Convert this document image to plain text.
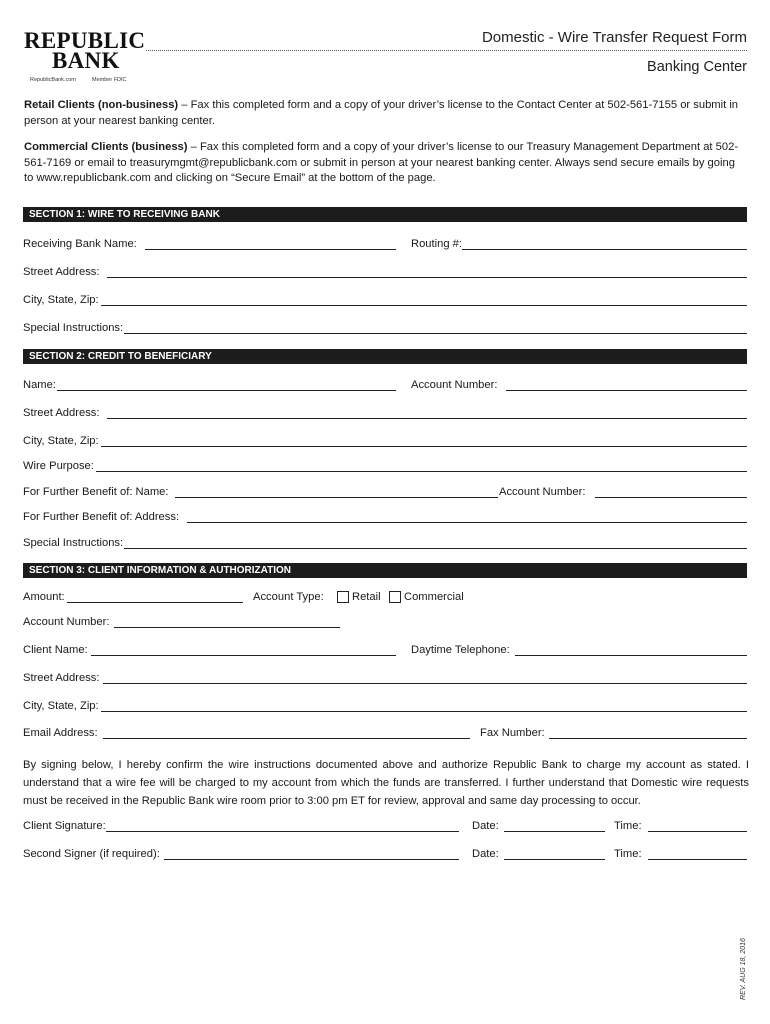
REPUBLIC
BANK
RepublicBank.com	Member FDIC
Domestic - Wire Transfer Request Form
Banking Center
Retail Clients (non-business) – Fax this completed form and a copy of your driver’s license to the Contact Center at 502-561-7155 or submit in person at your nearest banking center.
Commercial Clients (business) – Fax this completed form and a copy of your driver’s license to our Treasury Management Department at 502-561-7169 or email to treasurymgmt@republicbank.com or submit in person at your nearest banking center. Always send secure emails by going to www.republicbank.com and clicking on “Secure Email” at the bottom of the page.
SECTION 1: WIRE TO RECEIVING BANK
Receiving Bank Name:	Routing #:
Street Address:
City, State, Zip:
Special Instructions:
SECTION 2: CREDIT TO BENEFICIARY
Name:	Account Number:
Street Address:
City, State, Zip:
Wire Purpose:
For Further Benefit of: Name:	Account Number:
For Further Benefit of: Address:
Special Instructions:
SECTION 3: CLIENT INFORMATION & AUTHORIZATION
Amount:	Account Type:	Retail Commercial
Account Number:
Client Name:	Daytime Telephone:
Street Address:
City, State, Zip:
Email Address:	Fax Number:
By signing below, I hereby confirm the wire instructions documented above and authorize Republic Bank to charge my account as stated. I understand that a wire fee will be charged to my account from which the funds are transferred. I further understand that Domestic wire requests must be received in the Republic Bank wire room prior to 3:00 pm ET for review, approval and same day processing to occur.
Client Signature:	Date:	Time:
Second Signer (if required):	Date:	Time:
REV. AUG 18, 2016
